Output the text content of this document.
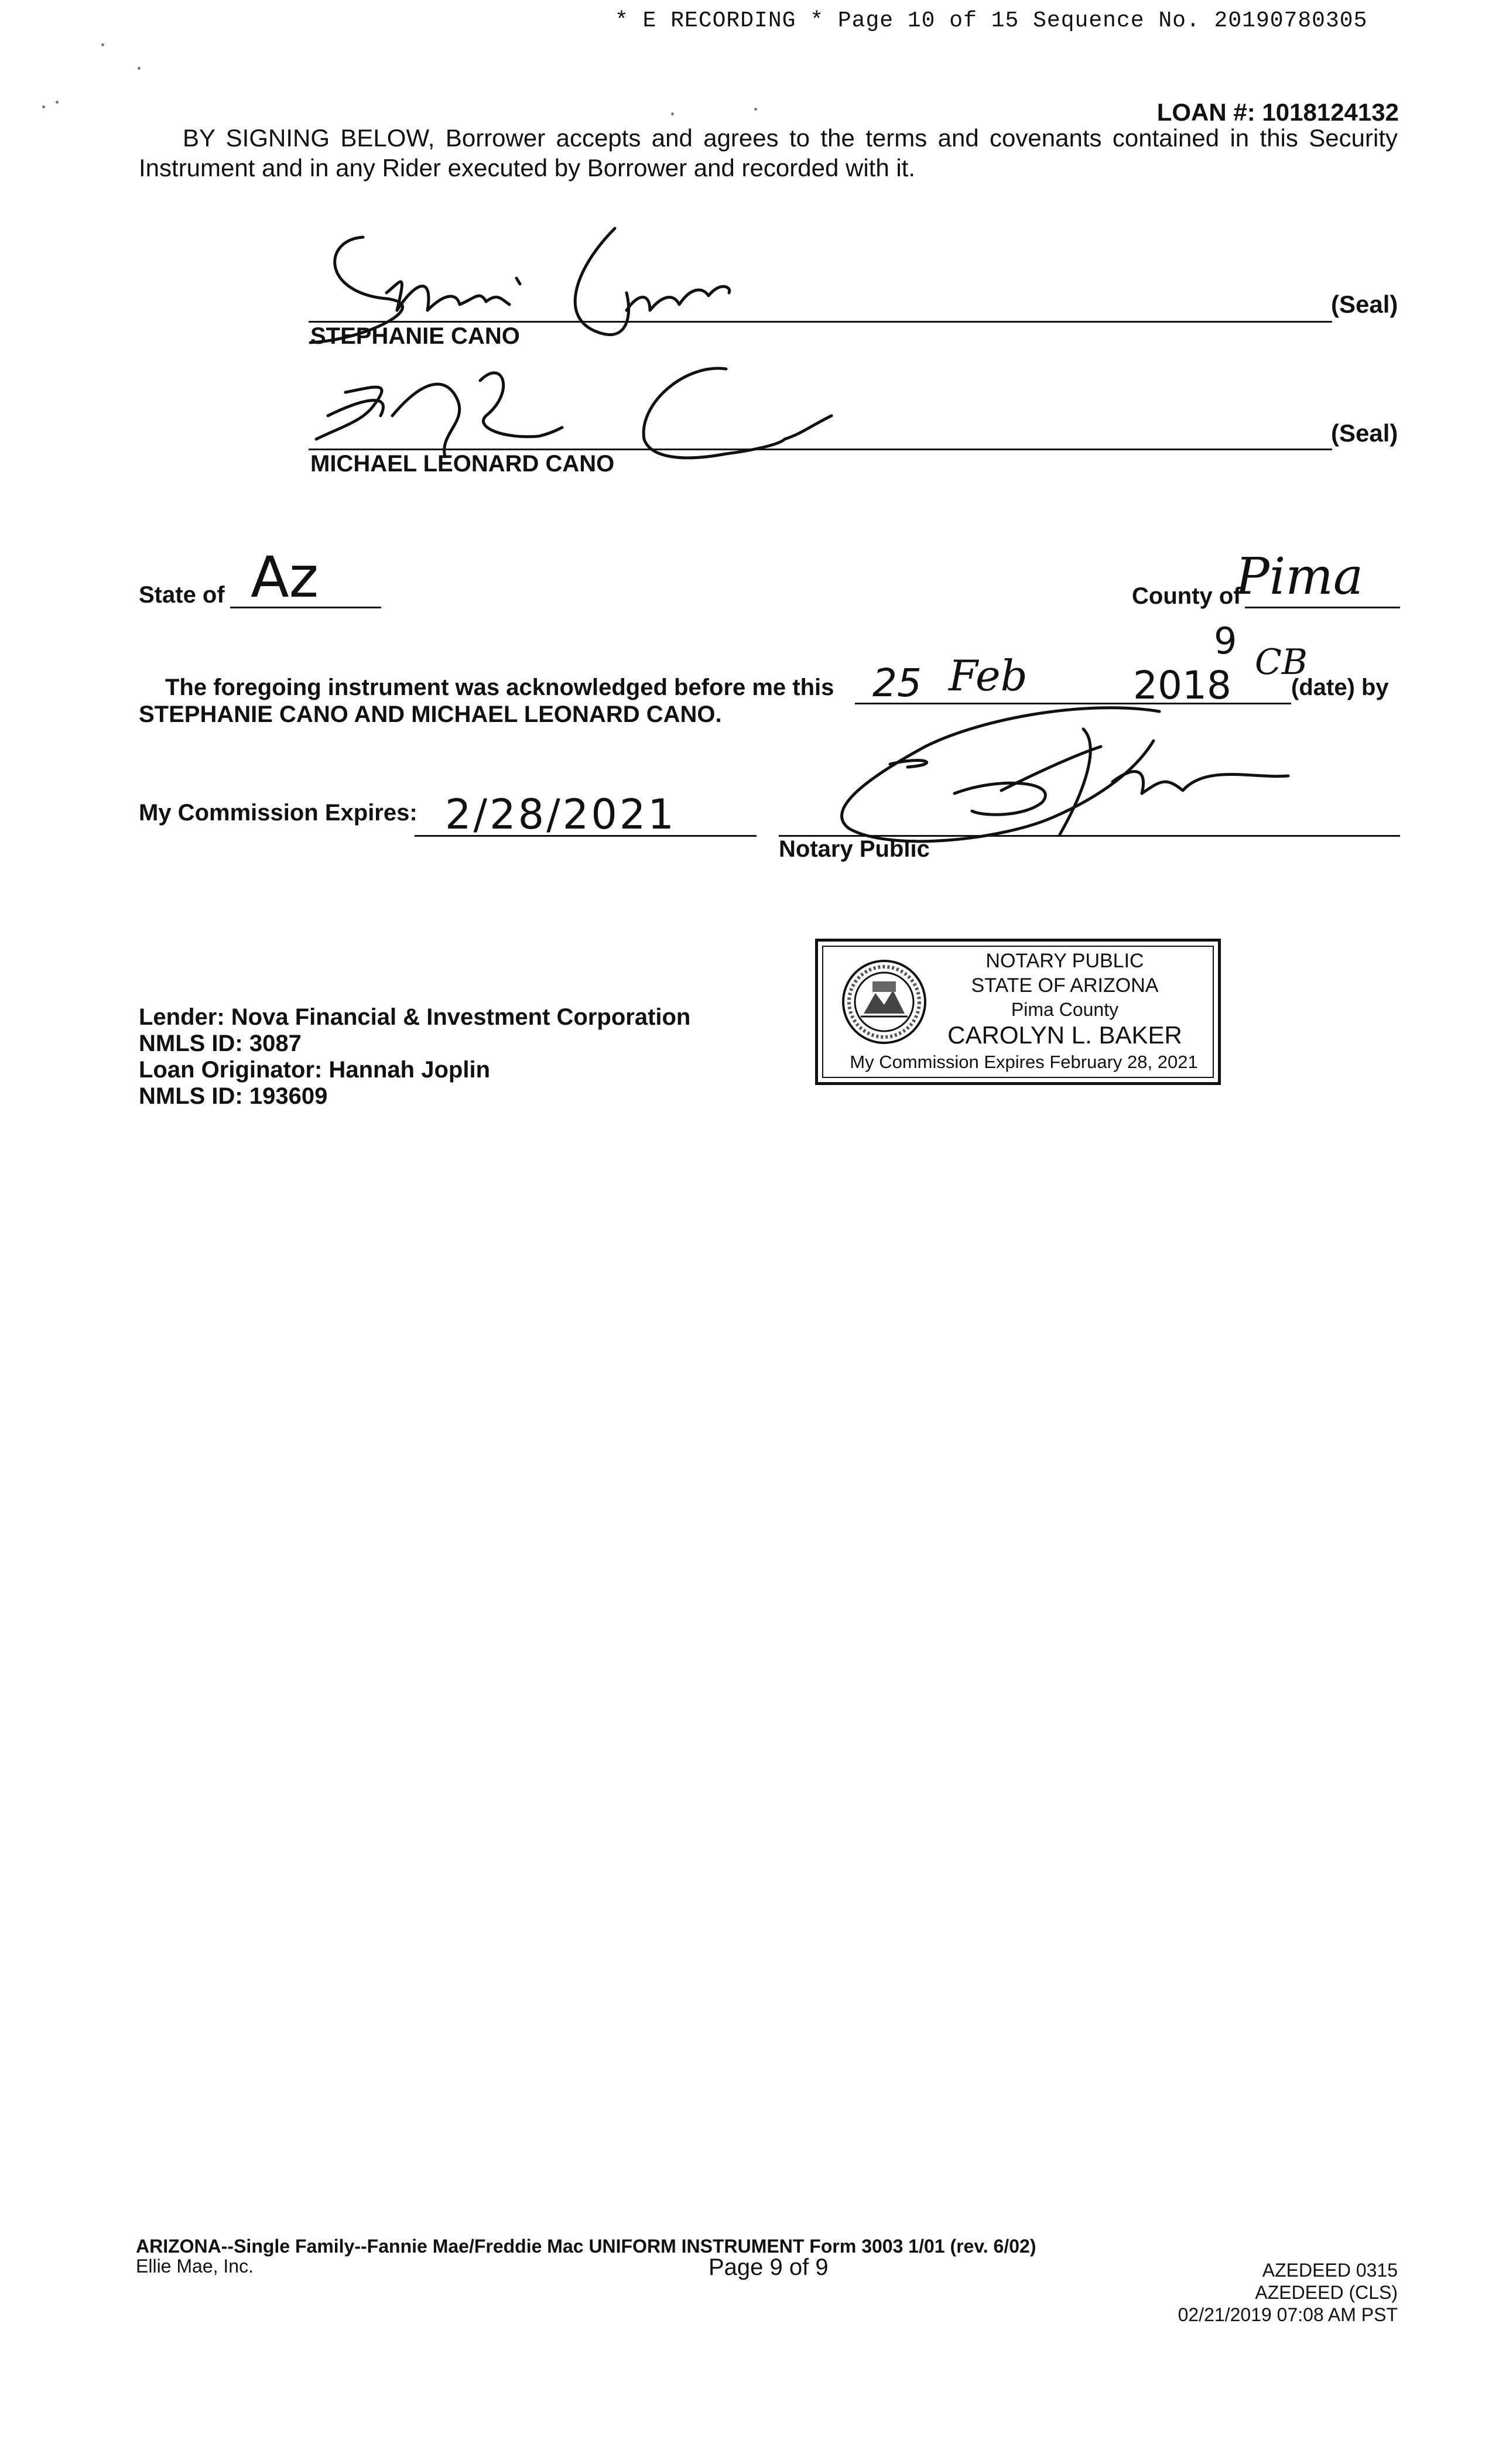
* E RECORDING * Page 10 of 15 Sequence No. 20190780305
LOAN #: 1018124132
BY SIGNING BELOW, Borrower accepts and agrees to the terms and covenants contained in this Security Instrument and in any Rider executed by Borrower and recorded with it.
STEPHANIE CANO
(Seal)
MICHAEL LEONARD CANO
(Seal)
State of Az	County of
Pima
The foregoing instrument was acknowledged before me this 25 Feb	2018
9 CB
(date) by
STEPHANIE CANO AND MICHAEL LEONARD CANO.
My Commission Expires: 2/28/2021
Notary Public
NOTARY PUBLIC
STATE OF ARIZONA
Pima County
CAROLYN L. BAKER
My Commission Expires February 28, 2021
Lender: Nova Financial & Investment Corporation
NMLS ID: 3087
Loan Originator: Hannah Joplin
NMLS ID: 193609
ARIZONA--Single Family--Fannie Mae/Freddie Mac UNIFORM INSTRUMENT Form 3003 1/01 (rev. 6/02)
Ellie Mae, Inc.	Page 9 of 9	AZEDEED 0315
AZEDEED (CLS)
02/21/2019 07:08 AM PST
